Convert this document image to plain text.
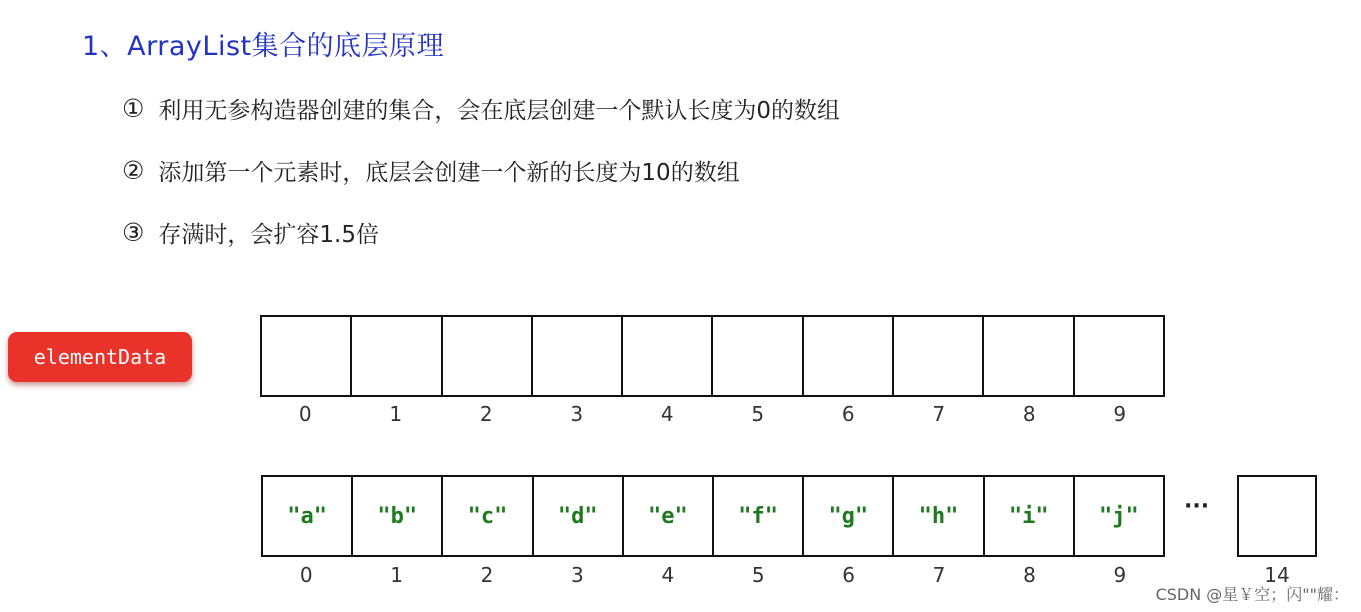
1、ArrayList集合的底层原理
① 利用无参构造器创建的集合，会在底层创建一个默认长度为0的数组
② 添加第一个元素时，底层会创建一个新的长度为10的数组
③ 存满时，会扩容1.5倍
elementData
0	1	2	3	4	5	6	7	8	9
"a"	"b"	"c"	"d"	"e"	"f"	"g"	"h"	"i"	"j"
0	1	2	3	4	5	6	7	8	9
···
14
CSDN @星￥空；闪""耀：
